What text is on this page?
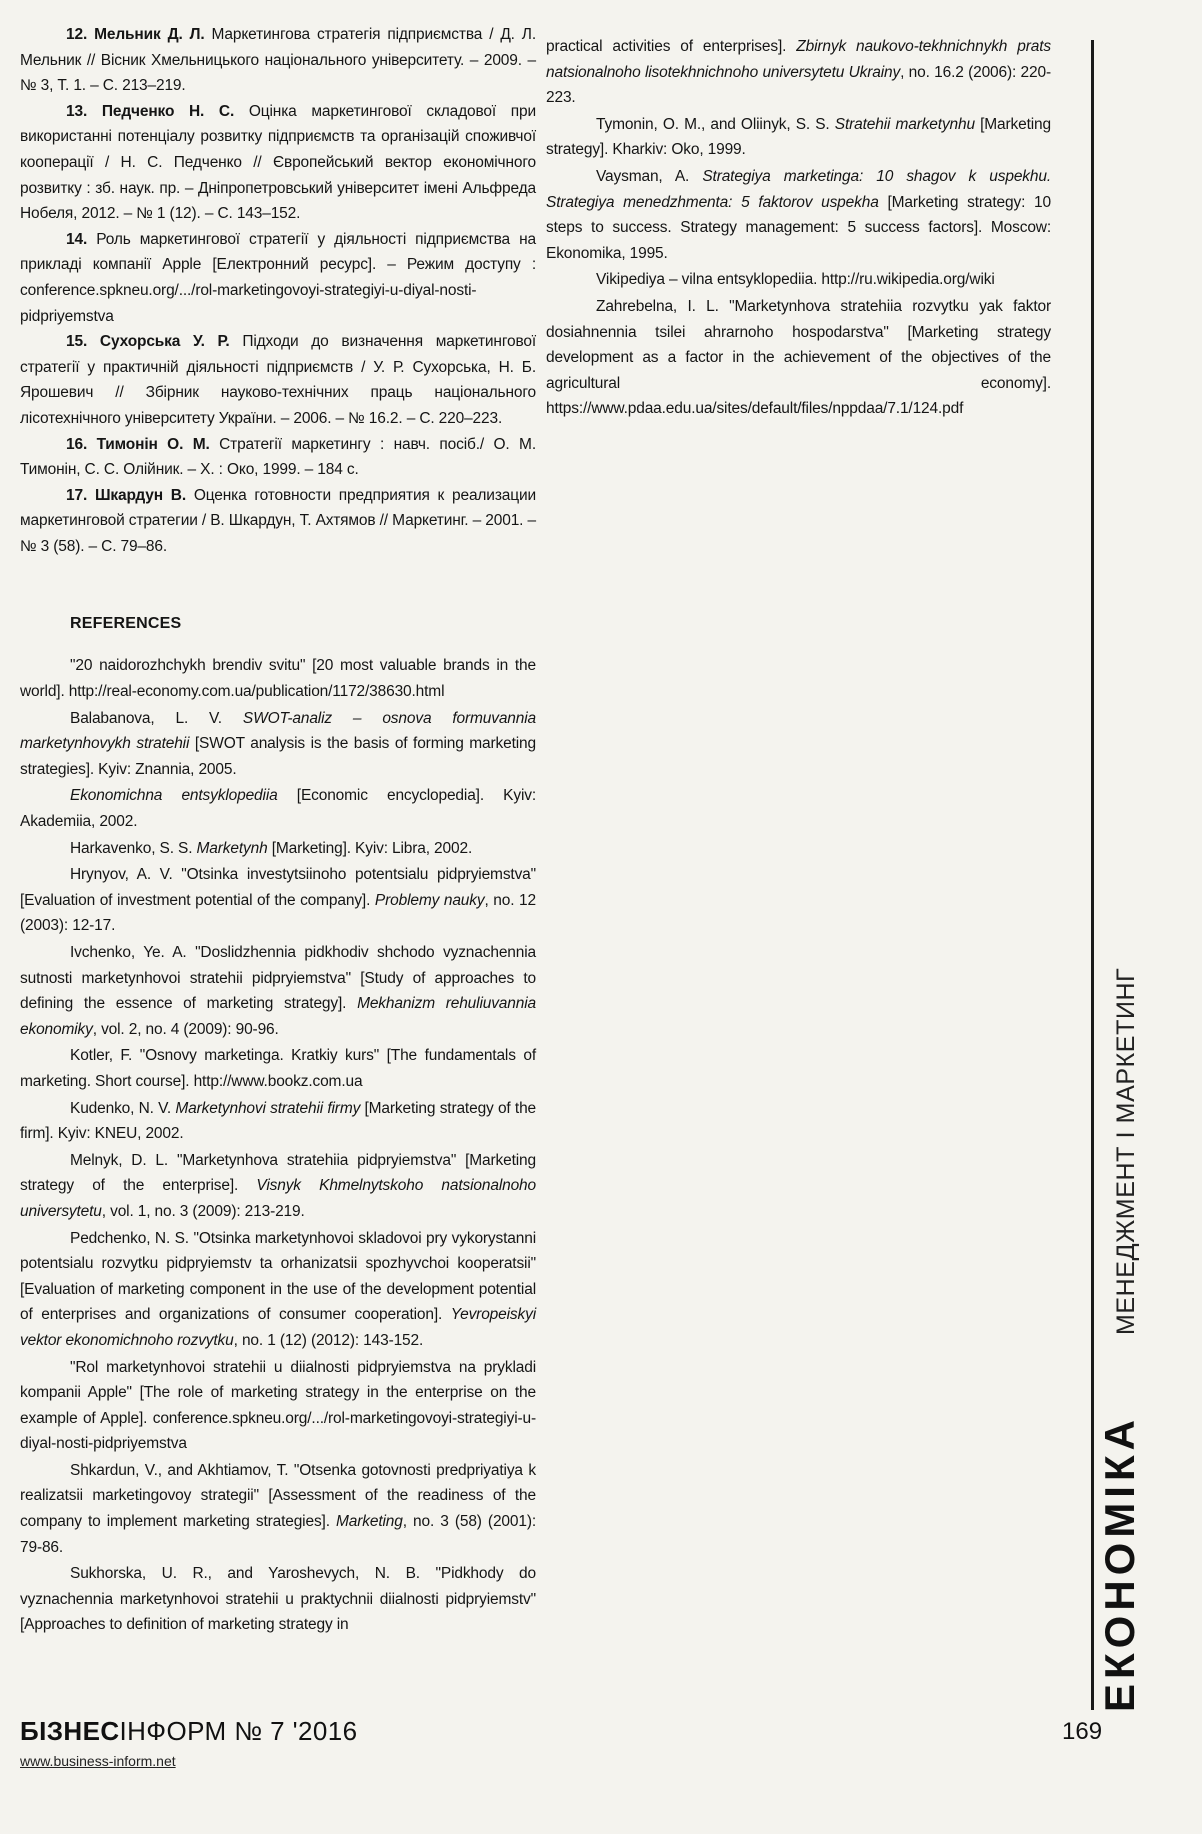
12. Мельник Д. Л. Маркетингова стратегія підприємства / Д. Л. Мельник // Вісник Хмельницького національного університету. – 2009. – № 3, Т. 1. – С. 213–219.

13. Педченко Н. С. Оцінка маркетингової складової при використанні потенціалу розвитку підприємств та організацій споживчої кооперації / Н. С. Педченко // Європейський вектор економічного розвитку : зб. наук. пр. – Дніпропетровський університет імені Альфреда Нобеля, 2012. – № 1 (12). – С. 143–152.

14. Роль маркетингової стратегії у діяльності підприємства на прикладі компанії Apple [Електронний ресурс]. – Режим доступу : conference.spkneu.org/.../rol-marketingovoyi-strategiyi-u-diyal-nosti-pidpriyemstva

15. Сухорська У. Р. Підходи до визначення маркетингової стратегії у практичній діяльності підприємств / У. Р. Сухорська, Н. Б. Ярошевич // Збірник науково-технічних праць національного лісотехнічного університету України. – 2006. – № 16.2. – С. 220–223.

16. Тимонін О. М. Стратегії маркетингу : навч. посіб./ О. М. Тимонін, С. С. Олійник. – Х. : Око, 1999. – 184 с.

17. Шкардун В. Оценка готовности предприятия к реализации маркетинговой стратегии / В. Шкардун, Т. Ахтямов // Маркетинг. – 2001. – № 3 (58). – С. 79–86.

REFERENCES

"20 naidorozhchykh brendiv svitu" [20 most valuable brands in the world]. http://real-economy.com.ua/publication/1172/38630.html

Balabanova, L. V. SWOT-analiz – osnova formuvannia marketynhovykh stratehii [SWOT analysis is the basis of forming marketing strategies]. Kyiv: Znannia, 2005.

Ekonomichna entsyklopediia [Economic encyclopedia]. Kyiv: Akademiia, 2002.

Harkavenko, S. S. Marketynh [Marketing]. Kyiv: Libra, 2002.

Hrynyov, A. V. "Otsinka investytsiinoho potentsialu pidpryiemstva" [Evaluation of investment potential of the company]. Problemy nauky, no. 12 (2003): 12-17.

Ivchenko, Ye. A. "Doslidzhennia pidkhodiv shchodo vyznachennia sutnosti marketynhovoi stratehii pidpryiemstva" [Study of approaches to defining the essence of marketing strategy]. Mekhanizm rehuliuvannia ekonomiky, vol. 2, no. 4 (2009): 90-96.

Kotler, F. "Osnovy marketinga. Kratkiy kurs" [The fundamentals of marketing. Short course]. http://www.bookz.com.ua

Kudenko, N. V. Marketynhovi stratehii firmy [Marketing strategy of the firm]. Kyiv: KNEU, 2002.

Melnyk, D. L. "Marketynhova stratehiia pidpryiemstva" [Marketing strategy of the enterprise]. Visnyk Khmelnytskoho natsionalnoho universytetu, vol. 1, no. 3 (2009): 213-219.

Pedchenko, N. S. "Otsinka marketynhovoi skladovoi pry vykorystanni potentsialu rozvytku pidpryiemstv ta orhanizatsii spozhyvchoi kooperatsii" [Evaluation of marketing component in the use of the development potential of enterprises and organizations of consumer cooperation]. Yevropeiskyi vektor ekonomichnoho rozvytku, no. 1 (12) (2012): 143-152.

"Rol marketynhovoi stratehii u diialnosti pidpryiemstva na prykladi kompanii Apple" [The role of marketing strategy in the enterprise on the example of Apple]. conference.spkneu.org/.../rol-marketingovoyi-strategiyi-u-diyal-nosti-pidpriyemstva

Shkardun, V., and Akhtiamov, T. "Otsenka gotovnosti predpriyatiya k realizatsii marketingovoy strategii" [Assessment of the readiness of the company to implement marketing strategies]. Marketing, no. 3 (58) (2001): 79-86.

Sukhorska, U. R., and Yaroshevych, N. B. "Pidkhody do vyznachennia marketynhovoi stratehii u praktychnii diialnosti pidpryiemstv" [Approaches to definition of marketing strategy in

practical activities of enterprises]. Zbirnyk naukovo-tekhnichnykh prats natsionalnoho lisotekhnichnoho universytetu Ukrainy, no. 16.2 (2006): 220-223.

Tymonin, O. M., and Oliinyk, S. S. Stratehii marketynhu [Marketing strategy]. Kharkiv: Oko, 1999.

Vaysman, A. Strategiya marketinga: 10 shagov k uspekhu. Strategiya menedzhmenta: 5 faktorov uspekha [Marketing strategy: 10 steps to success. Strategy management: 5 success factors]. Moscow: Ekonomika, 1995.

Vikipediya – vilna entsyklopediia. http://ru.wikipedia.org/wiki

Zahrebelna, I. L. "Marketynhova stratehiia rozvytku yak faktor dosiahnennia tsilei ahrarnoho hospodarstva" [Marketing strategy development as a factor in the achievement of the objectives of the agricultural economy]. https://www.pdaa.edu.ua/sites/default/files/nppdaa/7.1/124.pdf

ЕКОНОМІКА
МЕНЕДЖМЕНТ І МАРКЕТИНГ
БІЗНЕСІНФОРМ № 7 '2016
www.business-inform.net
169
